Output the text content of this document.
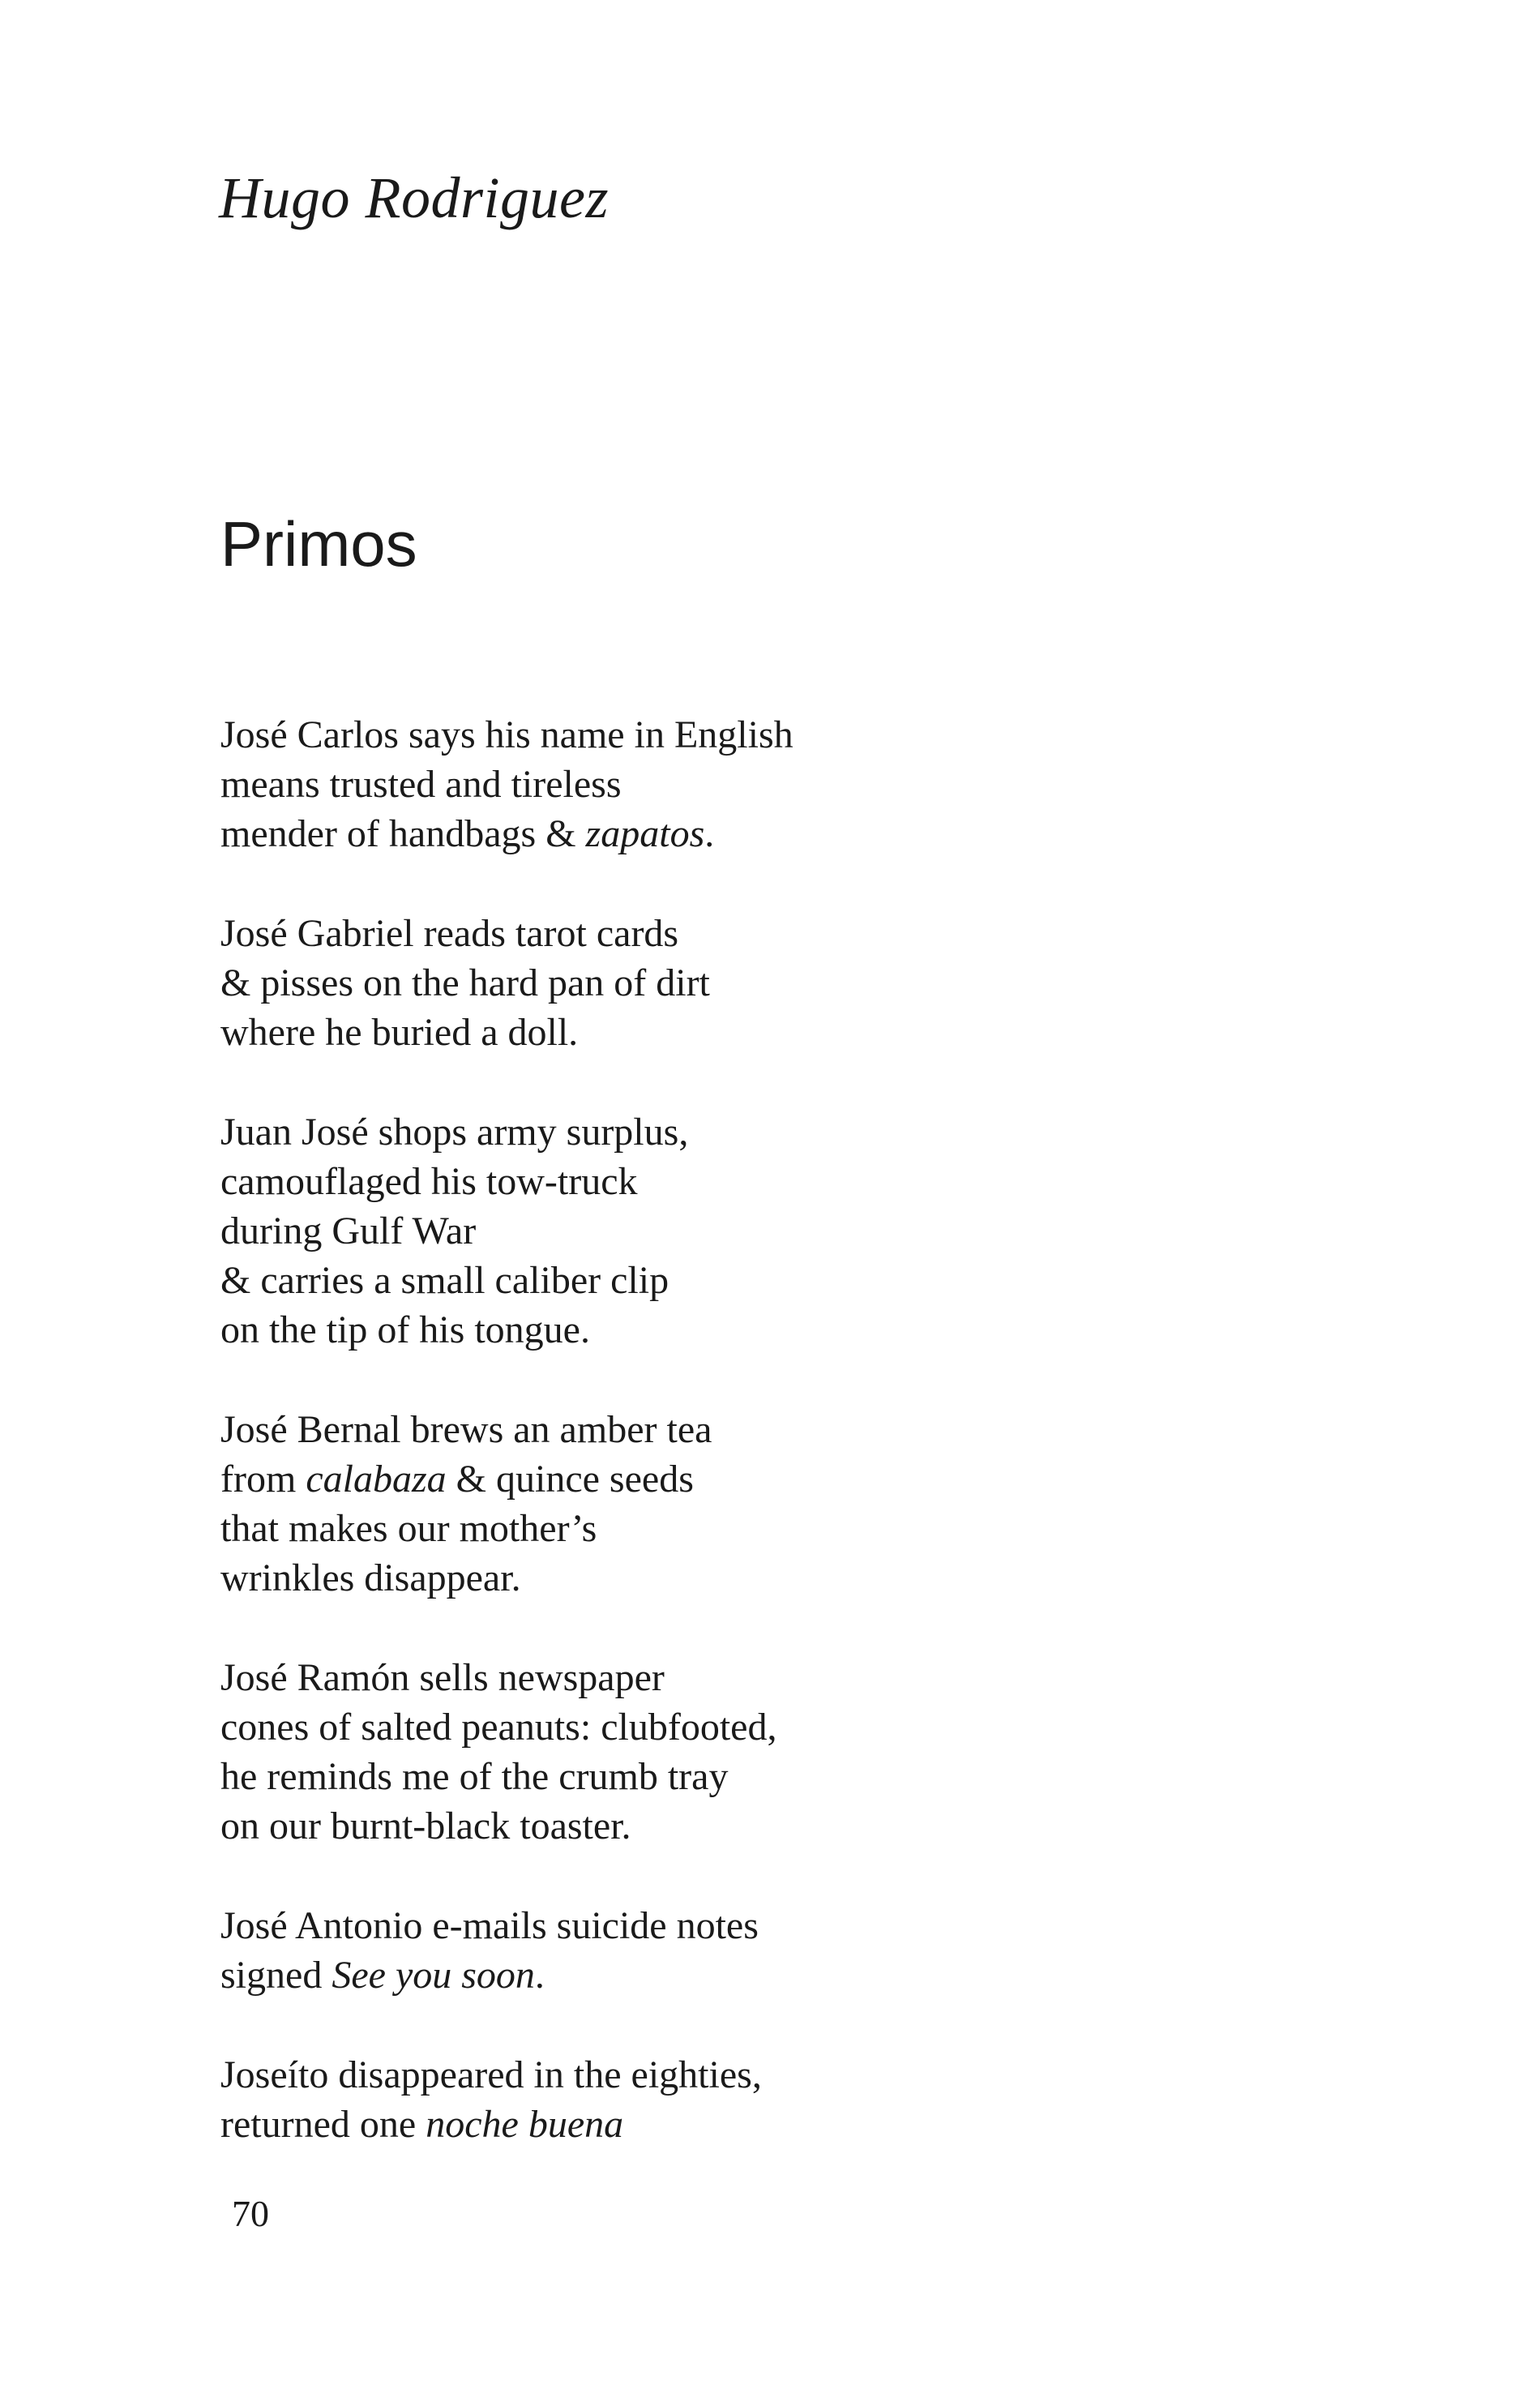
Hugo Rodriguez
Primos
José Carlos says his name in English
means trusted and tireless
mender of handbags & zapatos.
José Gabriel reads tarot cards
& pisses on the hard pan of dirt
where he buried a doll.
Juan José shops army surplus,
camouflaged his tow-truck
during Gulf War
& carries a small caliber clip
on the tip of his tongue.
José Bernal brews an amber tea
from calabaza & quince seeds
that makes our mother’s
wrinkles disappear.
José Ramón sells newspaper
cones of salted peanuts: clubfooted,
he reminds me of the crumb tray
on our burnt-black toaster.
José Antonio e-mails suicide notes
signed See you soon.
Joseíto disappeared in the eighties,
returned one noche buena
70
